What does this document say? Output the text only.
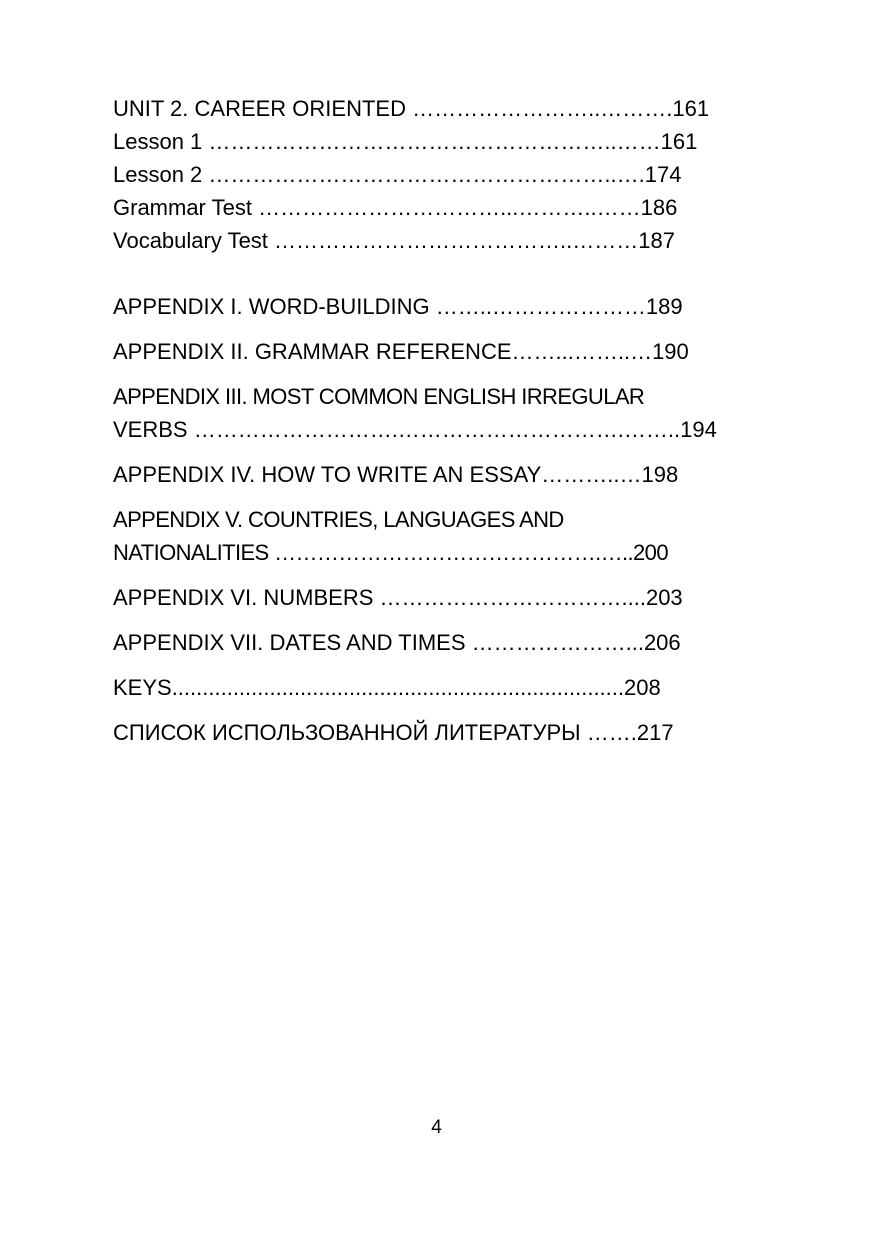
UNIT 2. CAREER ORIENTED ……………………..……….161
Lesson 1 ………………………………………………..……161
Lesson 2 ………………………………………………..….174
Grammar Test ……………………………...………..……186
Vocabulary Test …………………………………..………187
APPENDIX I. WORD-BUILDING ……..…………………189
APPENDIX II. GRAMMAR REFERENCE……...……..…190
APPENDIX III. MOST COMMON ENGLISH IRREGULAR
VERBS ……………………….………………………….……..194
APPENDIX IV. HOW TO WRITE AN ESSAY………..…198
APPENDIX V. COUNTRIES, LANGUAGES AND
NATIONALITIES ……………………………………….…..200
APPENDIX VI. NUMBERS ……………………………....203
APPENDIX VII. DATES AND TIMES …………………...206
KEYS..........................................................................208
СПИСОК ИСПОЛЬЗОВАННОЙ ЛИТЕРАТУРЫ …….217
4
